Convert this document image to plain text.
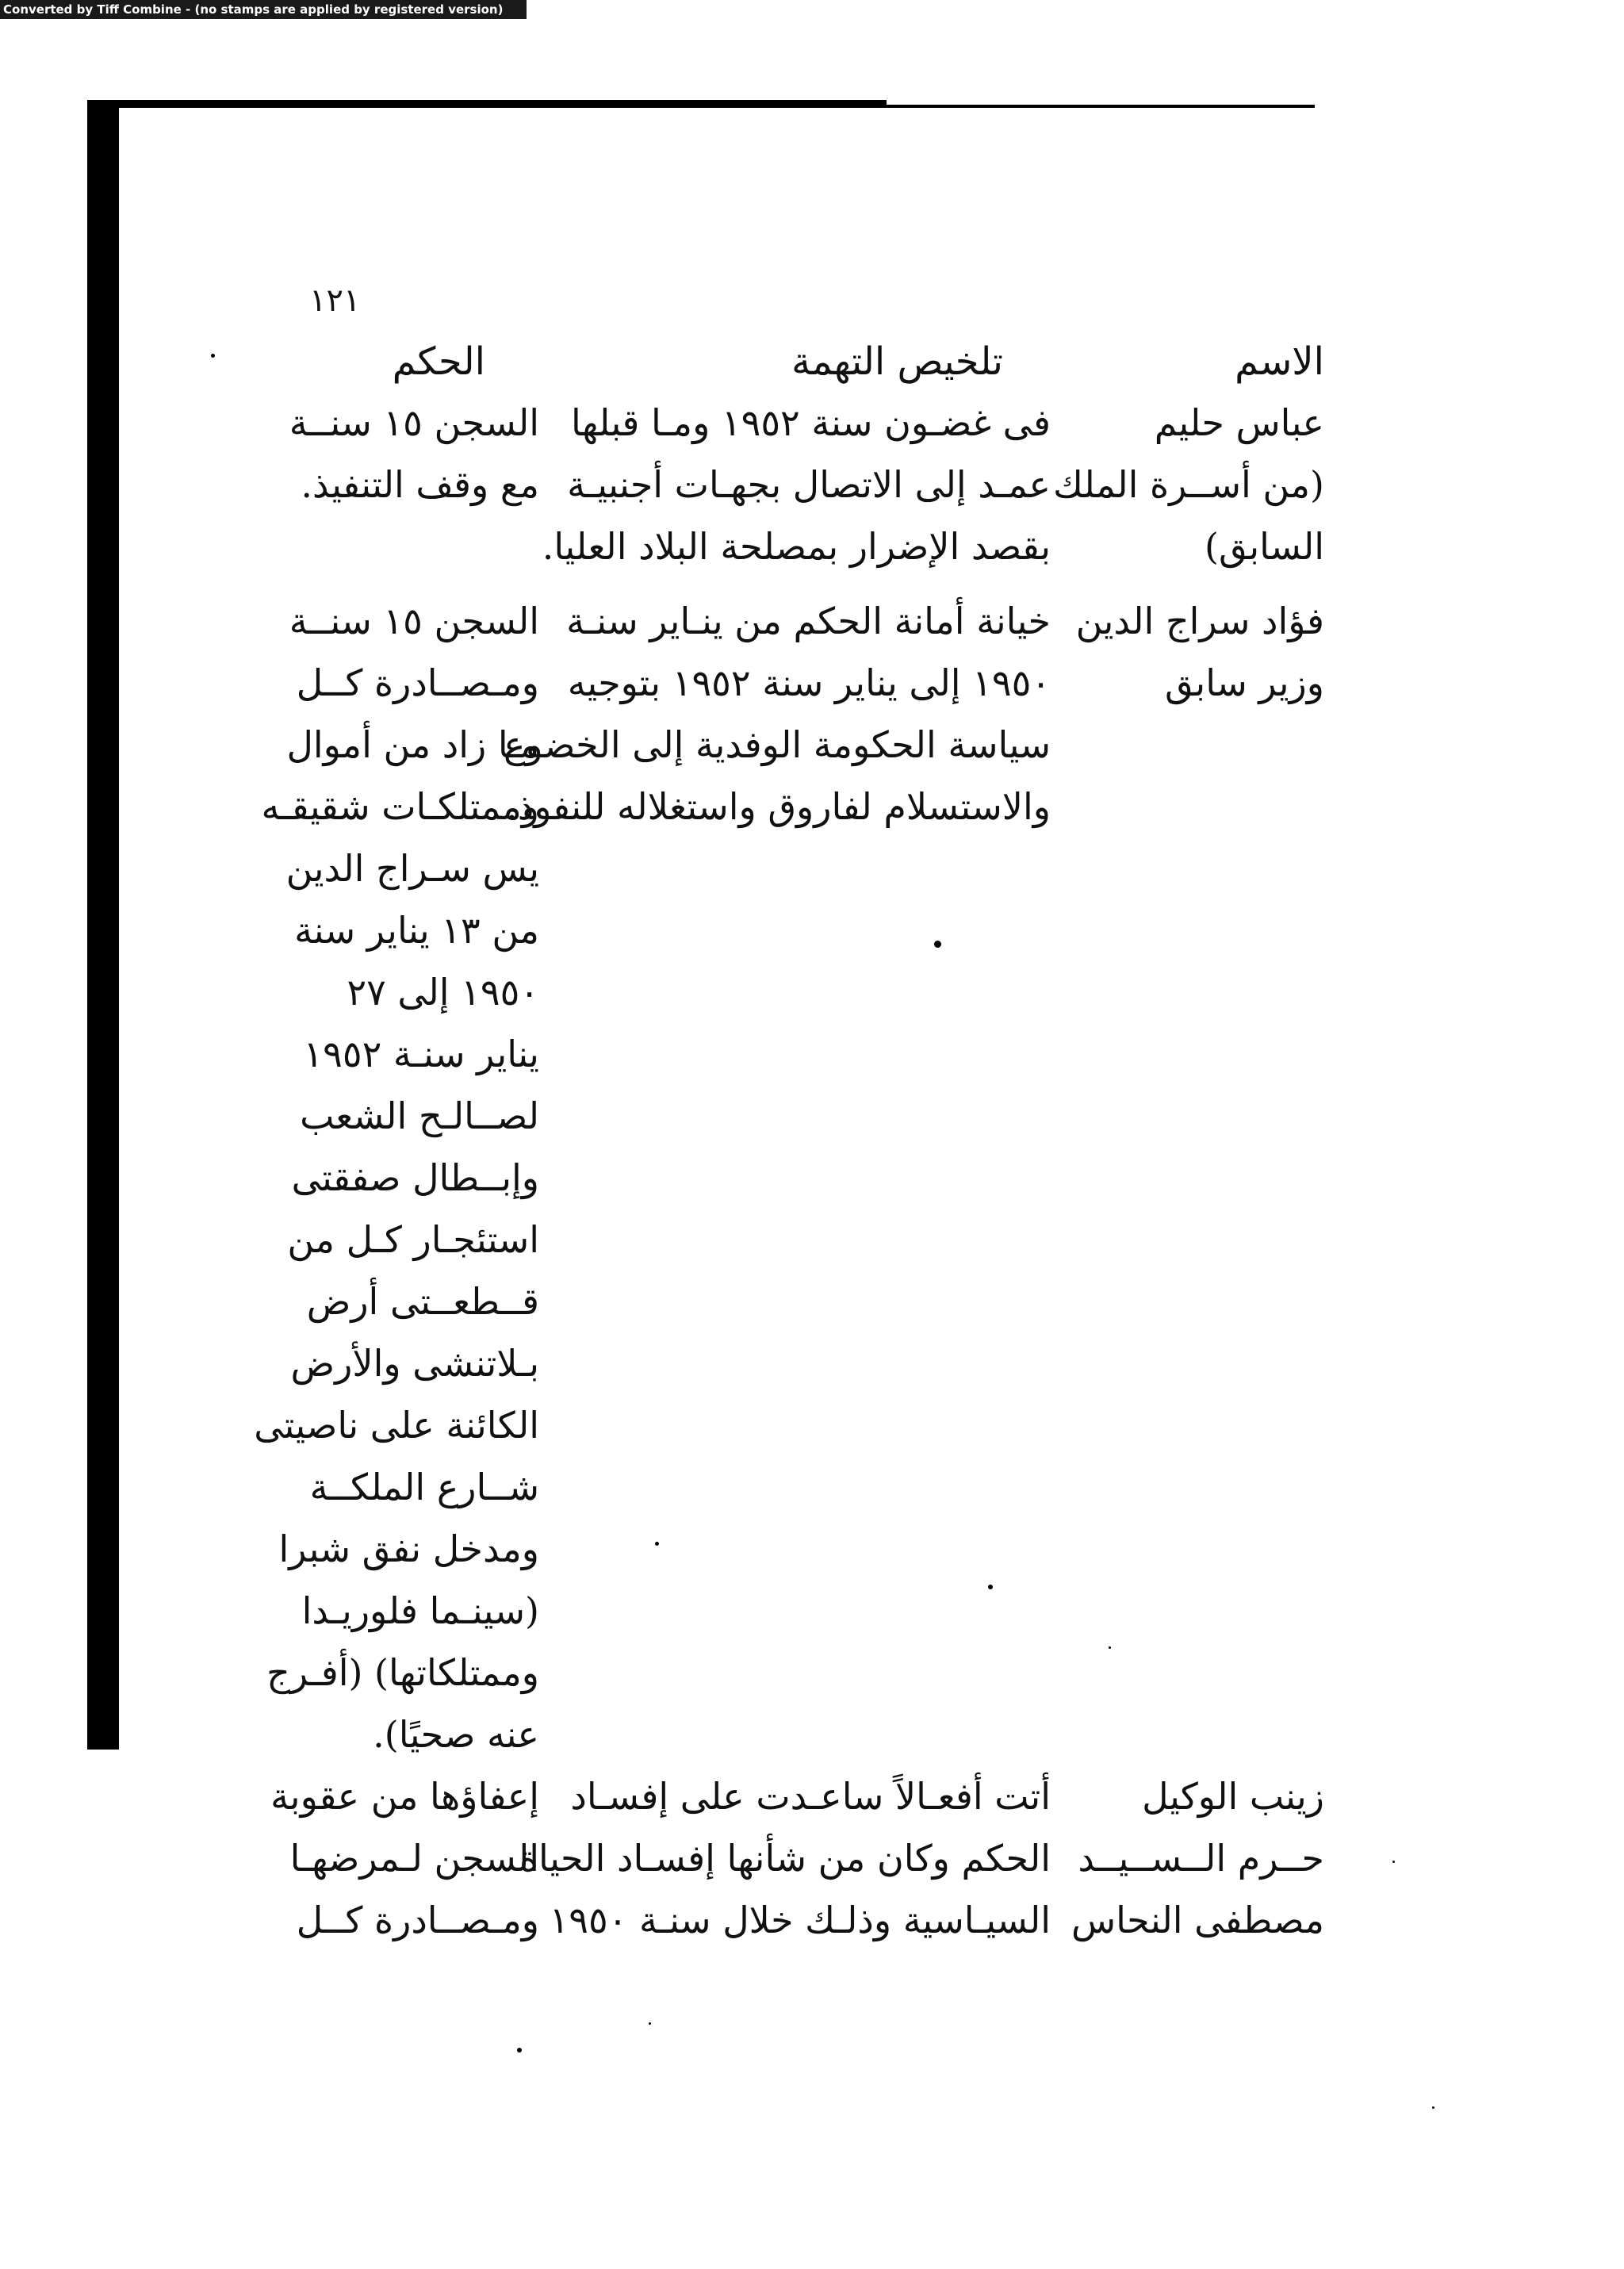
Converted by Tiff Combine - (no stamps are applied by registered version)
١٢١
الاسم
تلخيص التهمة
الحكم
عباس حليم
(من أســرة الملك
السابق)
فى غضـون سنة ١٩٥٢ ومـا قبلها
عمـد إلى الاتصال بجهـات أجنبيـة
بقصد الإضرار بمصلحة البلاد العليا.
السجن ١٥ سنــة
مع وقف التنفيذ.
فؤاد سراج الدين
وزير سابق
خيانة أمانة الحكم من ينـاير سنـة
١٩٥٠ إلى يناير سنة ١٩٥٢ بتوجيه
سياسة الحكومة الوفدية إلى الخضوع
والاستسلام لفاروق واستغلاله للنفوذ.
السجن ١٥ سنــة
ومـصــادرة كــل
مـا زاد من أموال
وممتلكـات شقيقـه
يس سـراج الدين
من ١٣ يناير سنة
١٩٥٠ إلى ٢٧
يناير سنـة ١٩٥٢
لصــالـح الشعب
وإبــطال صفقتى
استئجـار كـل من
قــطعــتى أرض
بـلاتنشى والأرض
الكائنة على ناصيتى
شــارع الملكــة
ومدخل نفق شبرا
(سينـما فلوريـدا
وممتلكاتها) (أفـرج
عنه صحيًا).
زينب الوكيل
حــرم الــســيــد
مصطفى النحاس
أتت أفعـالاً ساعـدت على إفسـاد
الحكم وكان من شأنها إفسـاد الحياة
السيـاسية وذلـك خلال سنـة ١٩٥٠
إعفاؤها من عقوبة
السجن لـمرضهـا
ومـصــادرة كــل
